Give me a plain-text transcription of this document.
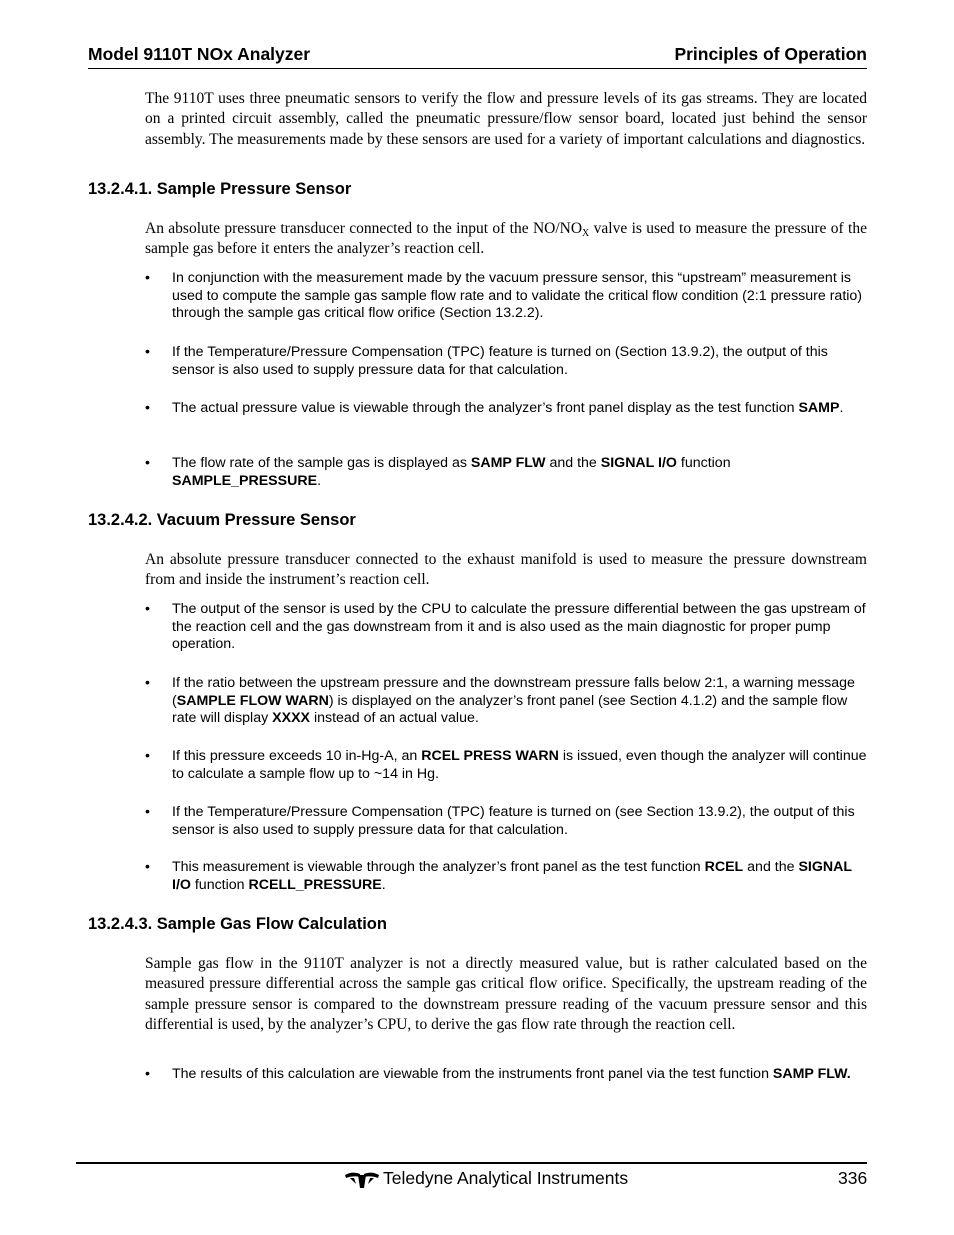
Model 9110T NOx Analyzer	Principles of Operation
The 9110T uses three pneumatic sensors to verify the flow and pressure levels of its gas streams. They are located on a printed circuit assembly, called the pneumatic pressure/flow sensor board, located just behind the sensor assembly. The measurements made by these sensors are used for a variety of important calculations and diagnostics.
13.2.4.1. Sample Pressure Sensor
An absolute pressure transducer connected to the input of the $NO/NO_X$ valve is used to measure the pressure of the sample gas before it enters the analyzer’s reaction cell.
• In conjunction with the measurement made by the vacuum pressure sensor, this “upstream” measurement is used to compute the sample gas sample flow rate and to validate the critical flow condition (2:1 pressure ratio) through the sample gas critical flow orifice (Section 13.2.2).
• If the Temperature/Pressure Compensation (TPC) feature is turned on (Section 13.9.2), the output of this sensor is also used to supply pressure data for that calculation.
• The actual pressure value is viewable through the analyzer’s front panel display as the test function SAMP.
• The flow rate of the sample gas is displayed as SAMP FLW and the SIGNAL I/O function SAMPLE_PRESSURE.
13.2.4.2. Vacuum Pressure Sensor
An absolute pressure transducer connected to the exhaust manifold is used to measure the pressure downstream from and inside the instrument’s reaction cell.
• The output of the sensor is used by the CPU to calculate the pressure differential between the gas upstream of the reaction cell and the gas downstream from it and is also used as the main diagnostic for proper pump operation.
• If the ratio between the upstream pressure and the downstream pressure falls below 2:1, a warning message (SAMPLE FLOW WARN) is displayed on the analyzer’s front panel (see Section 4.1.2) and the sample flow rate will display XXXX instead of an actual value.
• If this pressure exceeds 10 in-Hg-A, an RCEL PRESS WARN is issued, even though the analyzer will continue to calculate a sample flow up to ~14 in Hg.
• If the Temperature/Pressure Compensation (TPC) feature is turned on (see Section 13.9.2), the output of this sensor is also used to supply pressure data for that calculation.
• This measurement is viewable through the analyzer’s front panel as the test function RCEL and the SIGNAL I/O function RCELL_PRESSURE.
13.2.4.3. Sample Gas Flow Calculation
Sample gas flow in the 9110T analyzer is not a directly measured value, but is rather calculated based on the measured pressure differential across the sample gas critical flow orifice. Specifically, the upstream reading of the sample pressure sensor is compared to the downstream pressure reading of the vacuum pressure sensor and this differential is used, by the analyzer’s CPU, to derive the gas flow rate through the reaction cell.
• The results of this calculation are viewable from the instruments front panel via the test function SAMP FLW.
Teledyne Analytical Instruments	336
